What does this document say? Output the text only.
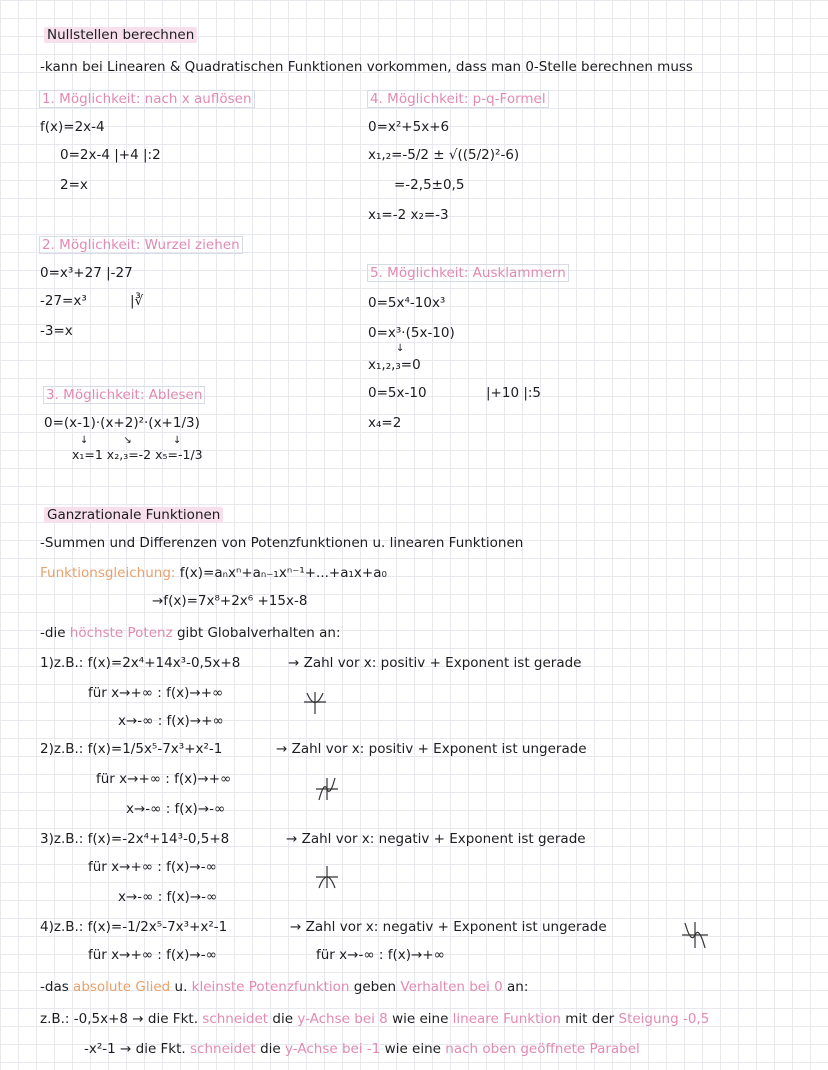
Nullstellen berechnen
-kann bei Linearen & Quadratischen Funktionen vorkommen, dass man 0-Stelle berechnen muss
1. Möglichkeit: nach x auflösen
f(x)=2x-4
0=2x-4 |+4 |:2
2=x
4. Möglichkeit: p-q-Formel
0=x²+5x+6
x₁,₂=-5/2 ± √((5/2)²-6)
=-2,5±0,5
x₁=-2 x₂=-3
2. Möglichkeit: Wurzel ziehen
0=x³+27 |-27
-27=x³	|∛
-3=x
5. Möglichkeit: Ausklammern
0=5x⁴-10x³
0=x³·(5x-10)
↓
x₁,₂,₃=0
0=5x-10	|+10 |:5
x₄=2
3. Möglichkeit: Ablesen
0=(x-1)·(x+2)²·(x+1/3)
↓           ↘             ↓
x₁=1 x₂,₃=-2 x₅=-1/3
Ganzrationale Funktionen
-Summen und Differenzen von Potenzfunktionen u. linearen Funktionen
Funktionsgleichung: f(x)=aₙxⁿ+aₙ₋₁xⁿ⁻¹+...+a₁x+a₀
→f(x)=7x⁸+2x⁶ +15x-8
-die höchste Potenz gibt Globalverhalten an:
1)z.B.: f(x)=2x⁴+14x³-0,5x+8	→ Zahl vor x: positiv + Exponent ist gerade
für x→+∞ : f(x)→+∞
x→-∞ : f(x)→+∞
2)z.B.: f(x)=1/5x⁵-7x³+x²-1	→ Zahl vor x: positiv + Exponent ist ungerade
für x→+∞ : f(x)→+∞
x→-∞ : f(x)→-∞
3)z.B.: f(x)=-2x⁴+14³-0,5+8	→ Zahl vor x: negativ + Exponent ist gerade
für x→+∞ : f(x)→-∞
x→-∞ : f(x)→-∞
4)z.B.: f(x)=-1/2x⁵-7x³+x²-1	→ Zahl vor x: negativ + Exponent ist ungerade
für x→+∞ : f(x)→-∞	für x→-∞ : f(x)→+∞
-das absolute Glied u. kleinste Potenzfunktion geben Verhalten bei 0 an:
z.B.: -0,5x+8 → die Fkt. schneidet die y-Achse bei 8 wie eine lineare Funktion mit der Steigung -0,5
-x²-1 → die Fkt. schneidet die y-Achse bei -1 wie eine nach oben geöffnete Parabel
